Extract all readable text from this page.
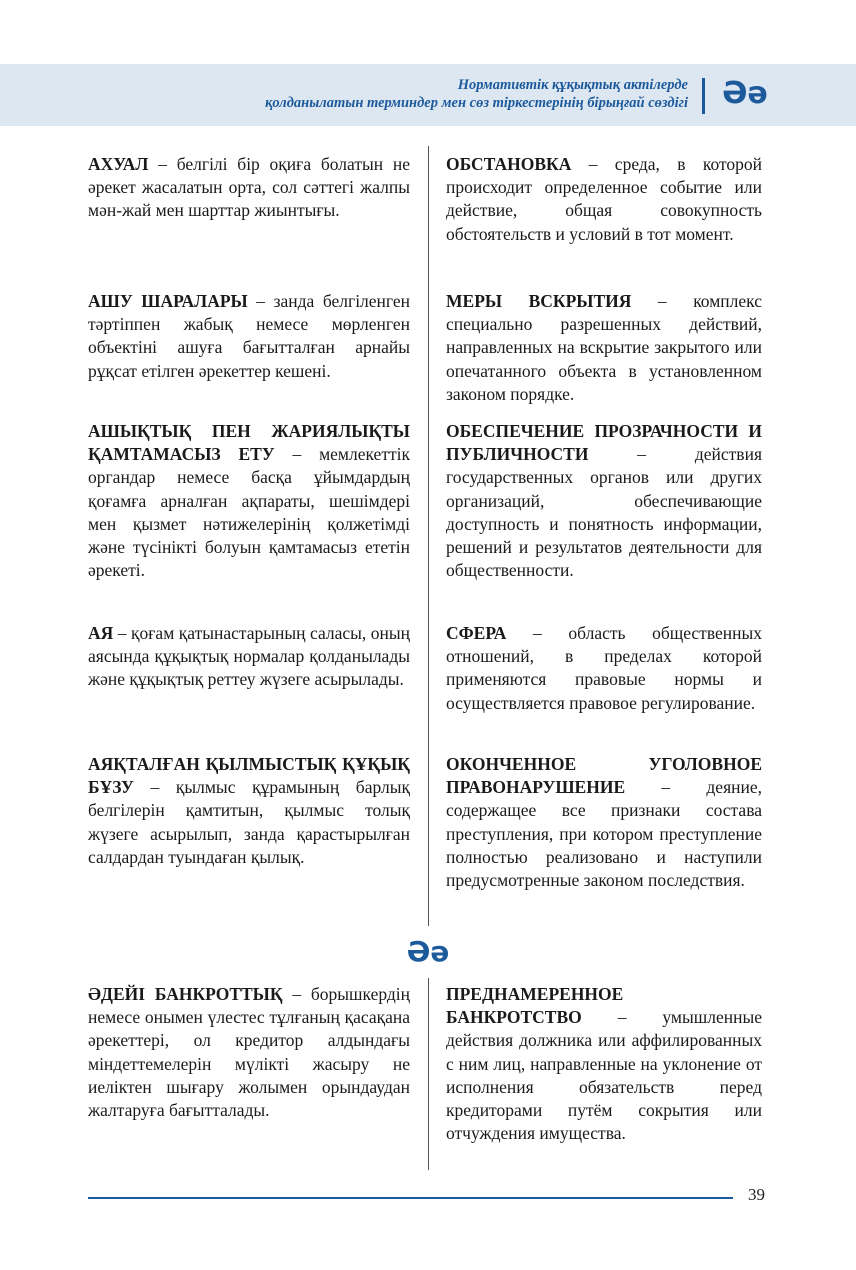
Нормативтік құқықтық актілерде
қолданылатын терминдер мен сөз тіркестерінің бірыңғай сөздігі Әə
АХУАЛ – белгілі бір оқиға болатын не әрекет жасалатын орта, сол сәттегі жалпы мән-жай мен шарттар жиынтығы.
ОБСТАНОВКА – среда, в которой происходит определенное событие или действие, общая совокупность обстоятельств и условий в тот момент.
АШУ ШАРАЛАРЫ – занда белгіленген тәртіппен жабық немесе мөрленген объектіні ашуға бағытталған арнайы рұқсат етілген әрекеттер кешені.
МЕРЫ ВСКРЫТИЯ – комплекс специально разрешенных действий, направленных на вскрытие закрытого или опечатанного объекта в установленном законом порядке.
АШЫҚТЫҚ ПЕН ЖАРИЯЛЫҚТЫ ҚАМТАМАСЫЗ ЕТУ – мемлекеттік органдар немесе басқа ұйымдардың қоғамға арналған ақпараты, шешімдері мен қызмет нәтижелерінің қолжетімді және түсінікті болуын қамтамасыз ететін әрекеті.
ОБЕСПЕЧЕНИЕ ПРОЗРАЧНОСТИ И ПУБЛИЧНОСТИ – действия государственных органов или других организаций, обеспечивающие доступность и понятность информации, решений и результатов деятельности для общественности.
АЯ – қоғам қатынастарының саласы, оның аясында құқықтық нормалар қолданылады және құқықтық реттеу жүзеге асырылады.
СФЕРА – область общественных отношений, в пределах которой применяются правовые нормы и осуществляется правовое регулирование.
АЯҚТАЛҒАН ҚЫЛМЫСТЫҚ ҚҰҚЫҚ БҰЗУ – қылмыс құрамының барлық белгілерін қамтитын, қылмыс толық жүзеге асырылып, занда қарастырылған салдардан туындаған қылық.
ОКОНЧЕННОЕ УГОЛОВНОЕ ПРАВОНАРУШЕНИЕ – деяние, содержащее все признаки состава преступления, при котором преступление полностью реализовано и наступили предусмотренные законом последствия.
Әə
ӘДЕЙІ БАНКРОТТЫҚ – борышкердің немесе онымен үлестес тұлғаның қасақана әрекеттері, ол кредитор алдындағы міндеттемелерін мүлікті жасыру не иеліктен шығару жолымен орындаудан жалтаруға бағытталады.
ПРЕДНАМЕРЕННОЕ БАНКРОТСТВО – умышленные действия должника или аффилированных с ним лиц, направленные на уклонение от исполнения обязательств перед кредиторами путём сокрытия или отчуждения имущества.
39
